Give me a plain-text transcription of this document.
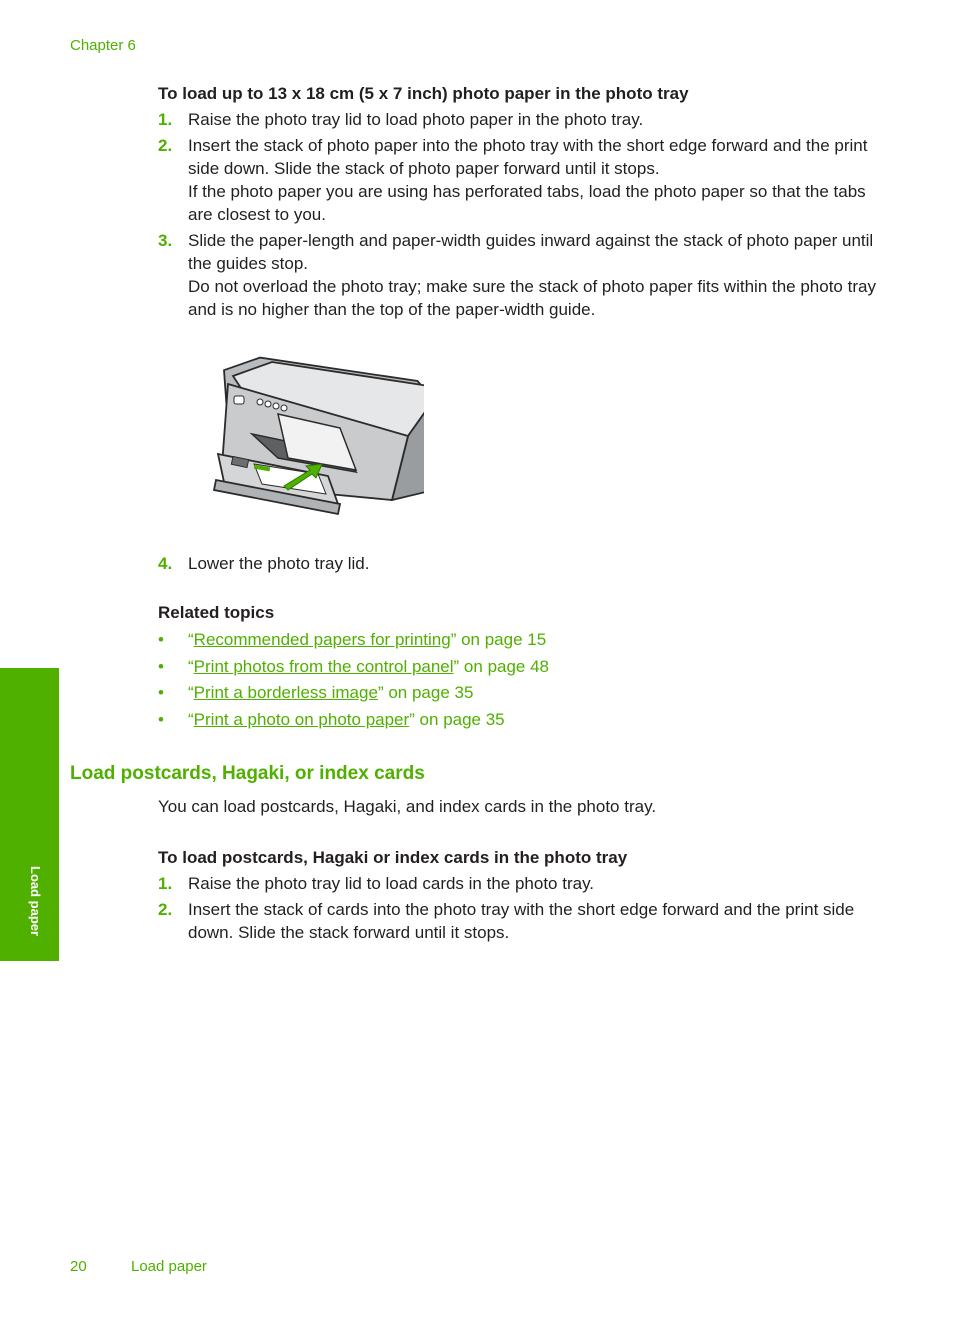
Chapter 6

To load up to 13 x 18 cm (5 x 7 inch) photo paper in the photo tray

1. Raise the photo tray lid to load photo paper in the photo tray.

2. Insert the stack of photo paper into the photo tray with the short edge forward and the print side down. Slide the stack of photo paper forward until it stops.

If the photo paper you are using has perforated tabs, load the photo paper so that the tabs are closest to you.

3. Slide the paper-length and paper-width guides inward against the stack of photo paper until the guides stop.

Do not overload the photo tray; make sure the stack of photo paper fits within the photo tray and is no higher than the top of the paper-width guide.

4. Lower the photo tray lid.

Related topics

• “Recommended papers for printing” on page 15
• “Print photos from the control panel” on page 48
• “Print a borderless image” on page 35
• “Print a photo on photo paper” on page 35
Load postcards, Hagaki, or index cards

You can load postcards, Hagaki, and index cards in the photo tray.

To load postcards, Hagaki or index cards in the photo tray

1. Raise the photo tray lid to load cards in the photo tray.

2. Insert the stack of cards into the photo tray with the short edge forward and the print side down. Slide the stack forward until it stops.

Load paper
20	Load paper
